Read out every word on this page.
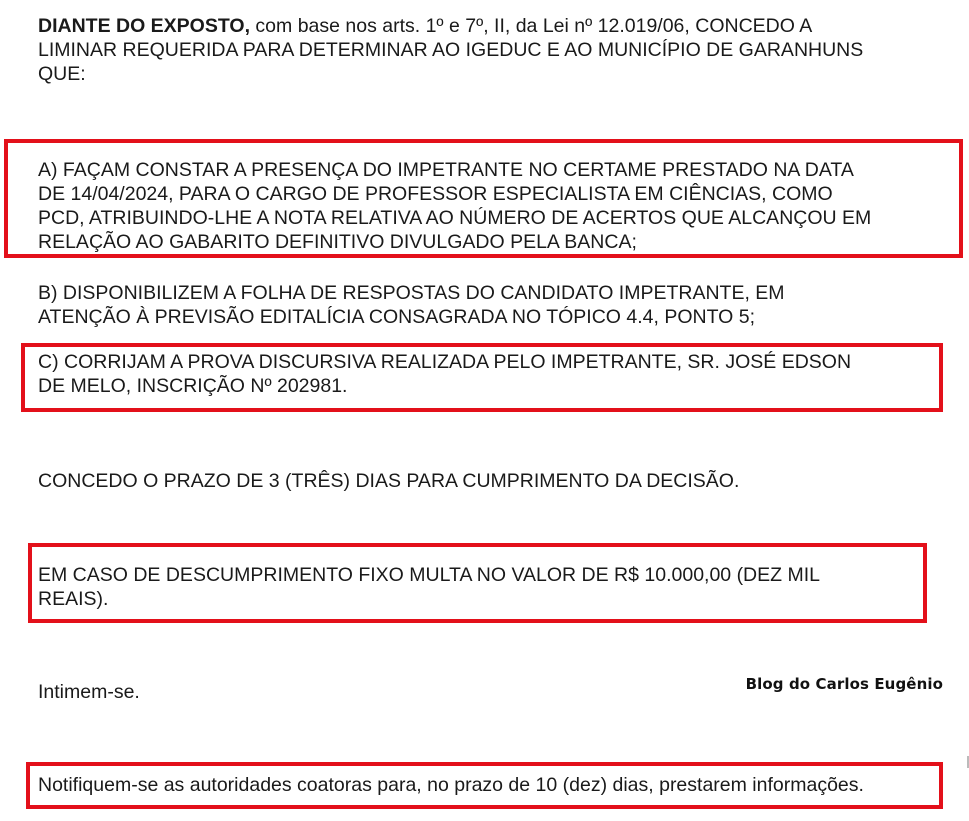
DIANTE DO EXPOSTO, com base nos arts. 1º e 7º, II, da Lei nº 12.019/06, CONCEDO A
LIMINAR REQUERIDA PARA DETERMINAR AO IGEDUC E AO MUNICÍPIO DE GARANHUNS
QUE:
A) FAÇAM CONSTAR A PRESENÇA DO IMPETRANTE NO CERTAME PRESTADO NA DATA
DE 14/04/2024, PARA O CARGO DE PROFESSOR ESPECIALISTA EM CIÊNCIAS, COMO
PCD, ATRIBUINDO-LHE A NOTA RELATIVA AO NÚMERO DE ACERTOS QUE ALCANÇOU EM
RELAÇÃO AO GABARITO DEFINITIVO DIVULGADO PELA BANCA;
B) DISPONIBILIZEM A FOLHA DE RESPOSTAS DO CANDIDATO IMPETRANTE, EM
ATENÇÃO À PREVISÃO EDITALÍCIA CONSAGRADA NO TÓPICO 4.4, PONTO 5;
C) CORRIJAM A PROVA DISCURSIVA REALIZADA PELO IMPETRANTE, SR. JOSÉ EDSON
DE MELO, INSCRIÇÃO Nº 202981.
CONCEDO O PRAZO DE 3 (TRÊS) DIAS PARA CUMPRIMENTO DA DECISÃO.
EM CASO DE DESCUMPRIMENTO FIXO MULTA NO VALOR DE R$ 10.000,00 (DEZ MIL
REAIS).
Intimem-se.	Blog do Carlos Eugênio
Notifiquem-se as autoridades coatoras para, no prazo de 10 (dez) dias, prestarem informações.
